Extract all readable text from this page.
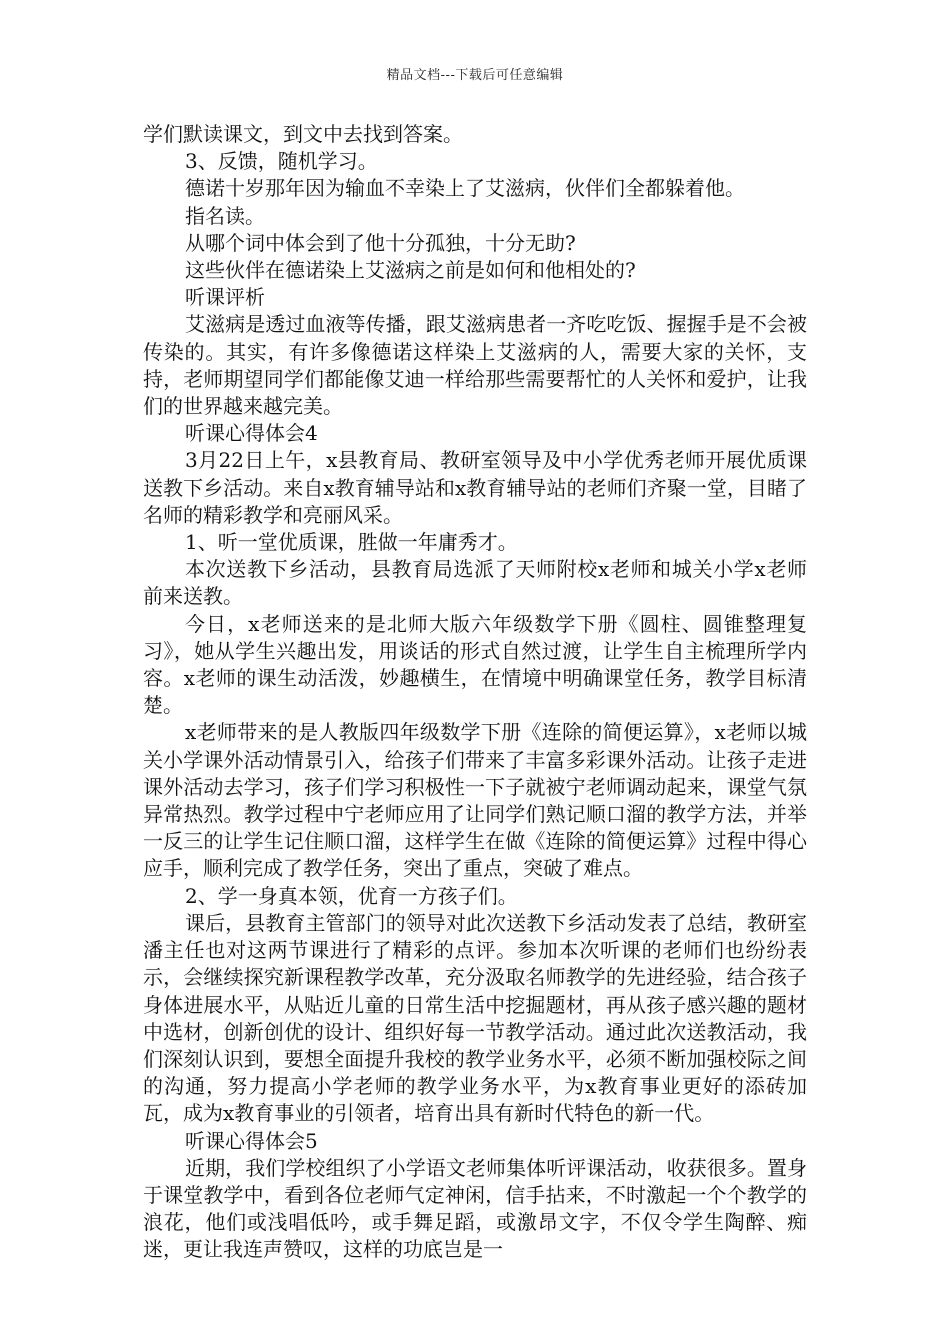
精品文档---下载后可任意编辑

学们默读课文，到文中去找到答案。

3、反馈，随机学习。

德诺十岁那年因为输血不幸染上了艾滋病，伙伴们全都躲着他。

指名读。

从哪个词中体会到了他十分孤独，十分无助?

这些伙伴在德诺染上艾滋病之前是如何和他相处的?

听课评析

艾滋病是透过血液等传播，跟艾滋病患者一齐吃吃饭、握握手是不会被传染的。其实，有许多像德诺这样染上艾滋病的人，需要大家的关怀，支持，老师期望同学们都能像艾迪一样给那些需要帮忙的人关怀和爱护，让我们的世界越来越完美。

听课心得体会4

3月22日上午，x县教育局、教研室领导及中小学优秀老师开展优质课送教下乡活动。来自x教育辅导站和x教育辅导站的老师们齐聚一堂，目睹了名师的精彩教学和亮丽风采。

1、听一堂优质课，胜做一年庸秀才。

本次送教下乡活动，县教育局选派了天师附校x老师和城关小学x老师前来送教。

今日，x老师送来的是北师大版六年级数学下册《圆柱、圆锥整理复习》，她从学生兴趣出发，用谈话的形式自然过渡，让学生自主梳理所学内容。x老师的课生动活泼，妙趣横生，在情境中明确课堂任务，教学目标清楚。

x老师带来的是人教版四年级数学下册《连除的简便运算》，x老师以城关小学课外活动情景引入，给孩子们带来了丰富多彩课外活动。让孩子走进课外活动去学习，孩子们学习积极性一下子就被宁老师调动起来，课堂气氛异常热烈。教学过程中宁老师应用了让同学们熟记顺口溜的教学方法，并举一反三的让学生记住顺口溜，这样学生在做《连除的简便运算》过程中得心应手，顺利完成了教学任务，突出了重点，突破了难点。

2、学一身真本领，优育一方孩子们。

课后，县教育主管部门的领导对此次送教下乡活动发表了总结，教研室潘主任也对这两节课进行了精彩的点评。参加本次听课的老师们也纷纷表示，会继续探究新课程教学改革，充分汲取名师教学的先进经验，结合孩子身体进展水平，从贴近儿童的日常生活中挖掘题材，再从孩子感兴趣的题材中选材，创新创优的设计、组织好每一节教学活动。通过此次送教活动，我们深刻认识到，要想全面提升我校的教学业务水平，必须不断加强校际之间的沟通，努力提高小学老师的教学业务水平，为x教育事业更好的添砖加瓦，成为x教育事业的引领者，培育出具有新时代特色的新一代。

听课心得体会5

近期，我们学校组织了小学语文老师集体听评课活动，收获很多。置身于课堂教学中，看到各位老师气定神闲，信手拈来，不时激起一个个教学的浪花，他们或浅唱低吟，或手舞足蹈，或激昂文字，不仅令学生陶醉、痴迷，更让我连声赞叹，这样的功底岂是一
